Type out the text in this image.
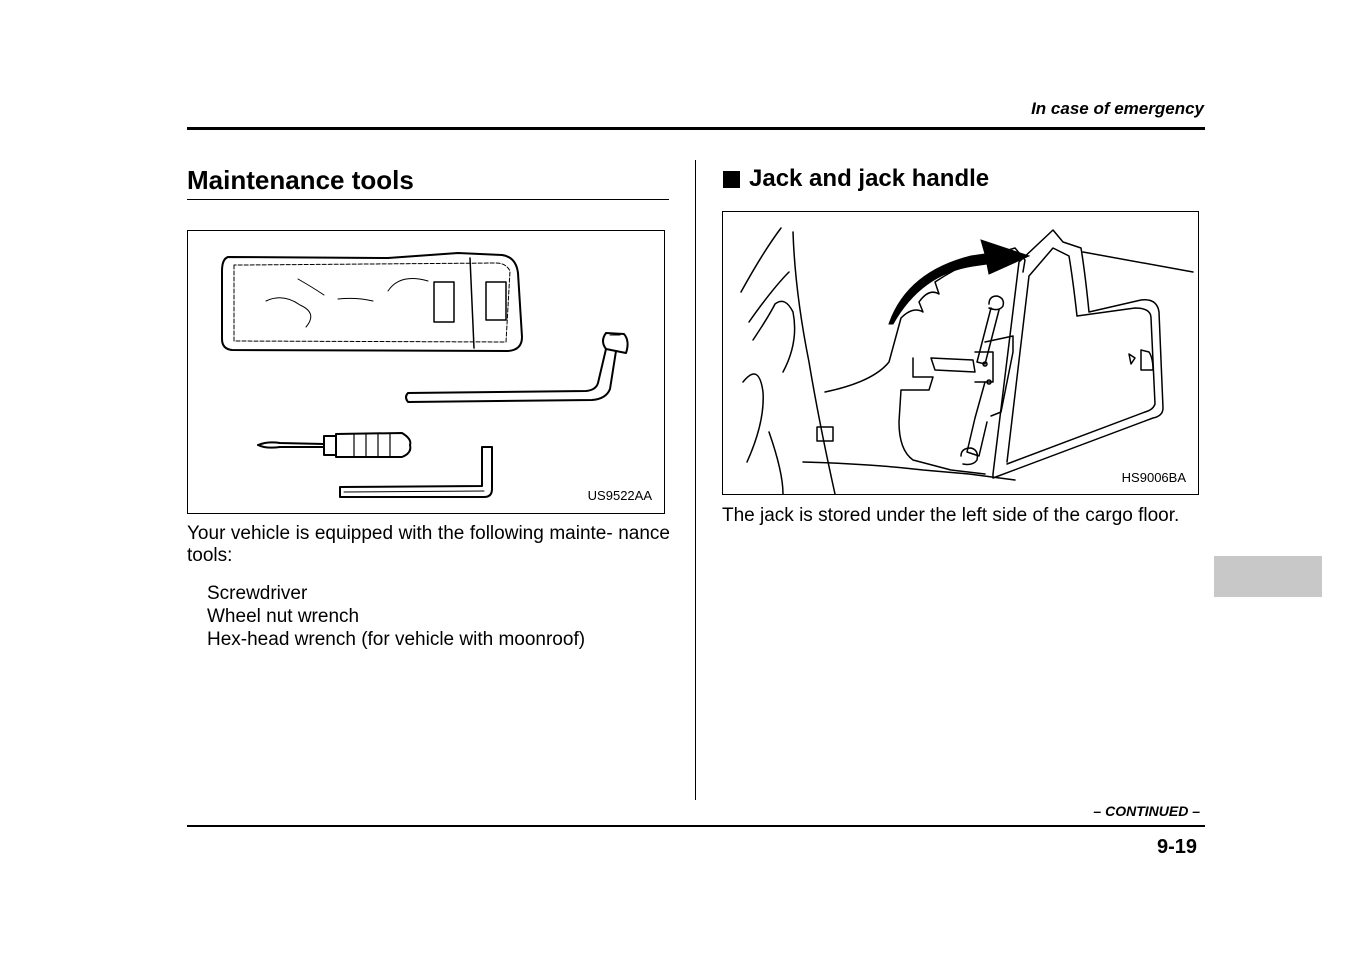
In case of emergency
Maintenance tools
US9522AA
Your vehicle is equipped with the following mainte- nance tools:
Screwdriver
Wheel nut wrench
Hex-head wrench (for vehicle with moonroof)
Jack and jack handle
HS9006BA
The jack is stored under the left side of the cargo floor.
– CONTINUED –
9-19
